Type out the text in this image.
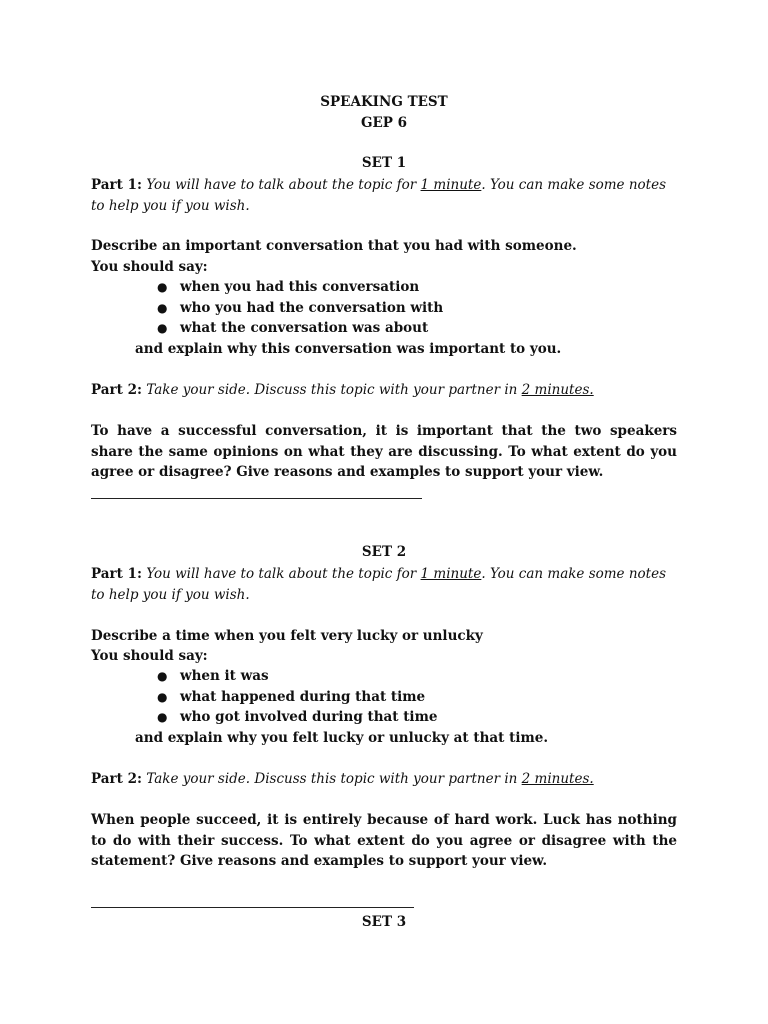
SPEAKING TEST
GEP 6
SET 1
Part 1: You will have to talk about the topic for 1 minute. You can make some notes to help you if you wish.
Describe an important conversation that you had with someone.
You should say:
● when you had this conversation
● who you had the conversation with
● what the conversation was about
and explain why this conversation was important to you.
Part 2: Take your side. Discuss this topic with your partner in 2 minutes.
To have a successful conversation, it is important that the two speakers share the same opinions on what they are discussing. To what extent do you agree or disagree? Give reasons and examples to support your view.
SET 2
Part 1: You will have to talk about the topic for 1 minute. You can make some notes to help you if you wish.
Describe a time when you felt very lucky or unlucky
You should say:
● when it was
● what happened during that time
● who got involved during that time
and explain why you felt lucky or unlucky at that time.
Part 2: Take your side. Discuss this topic with your partner in 2 minutes.
When people succeed, it is entirely because of hard work. Luck has nothing to do with their success. To what extent do you agree or disagree with the statement? Give reasons and examples to support your view.
SET 3
